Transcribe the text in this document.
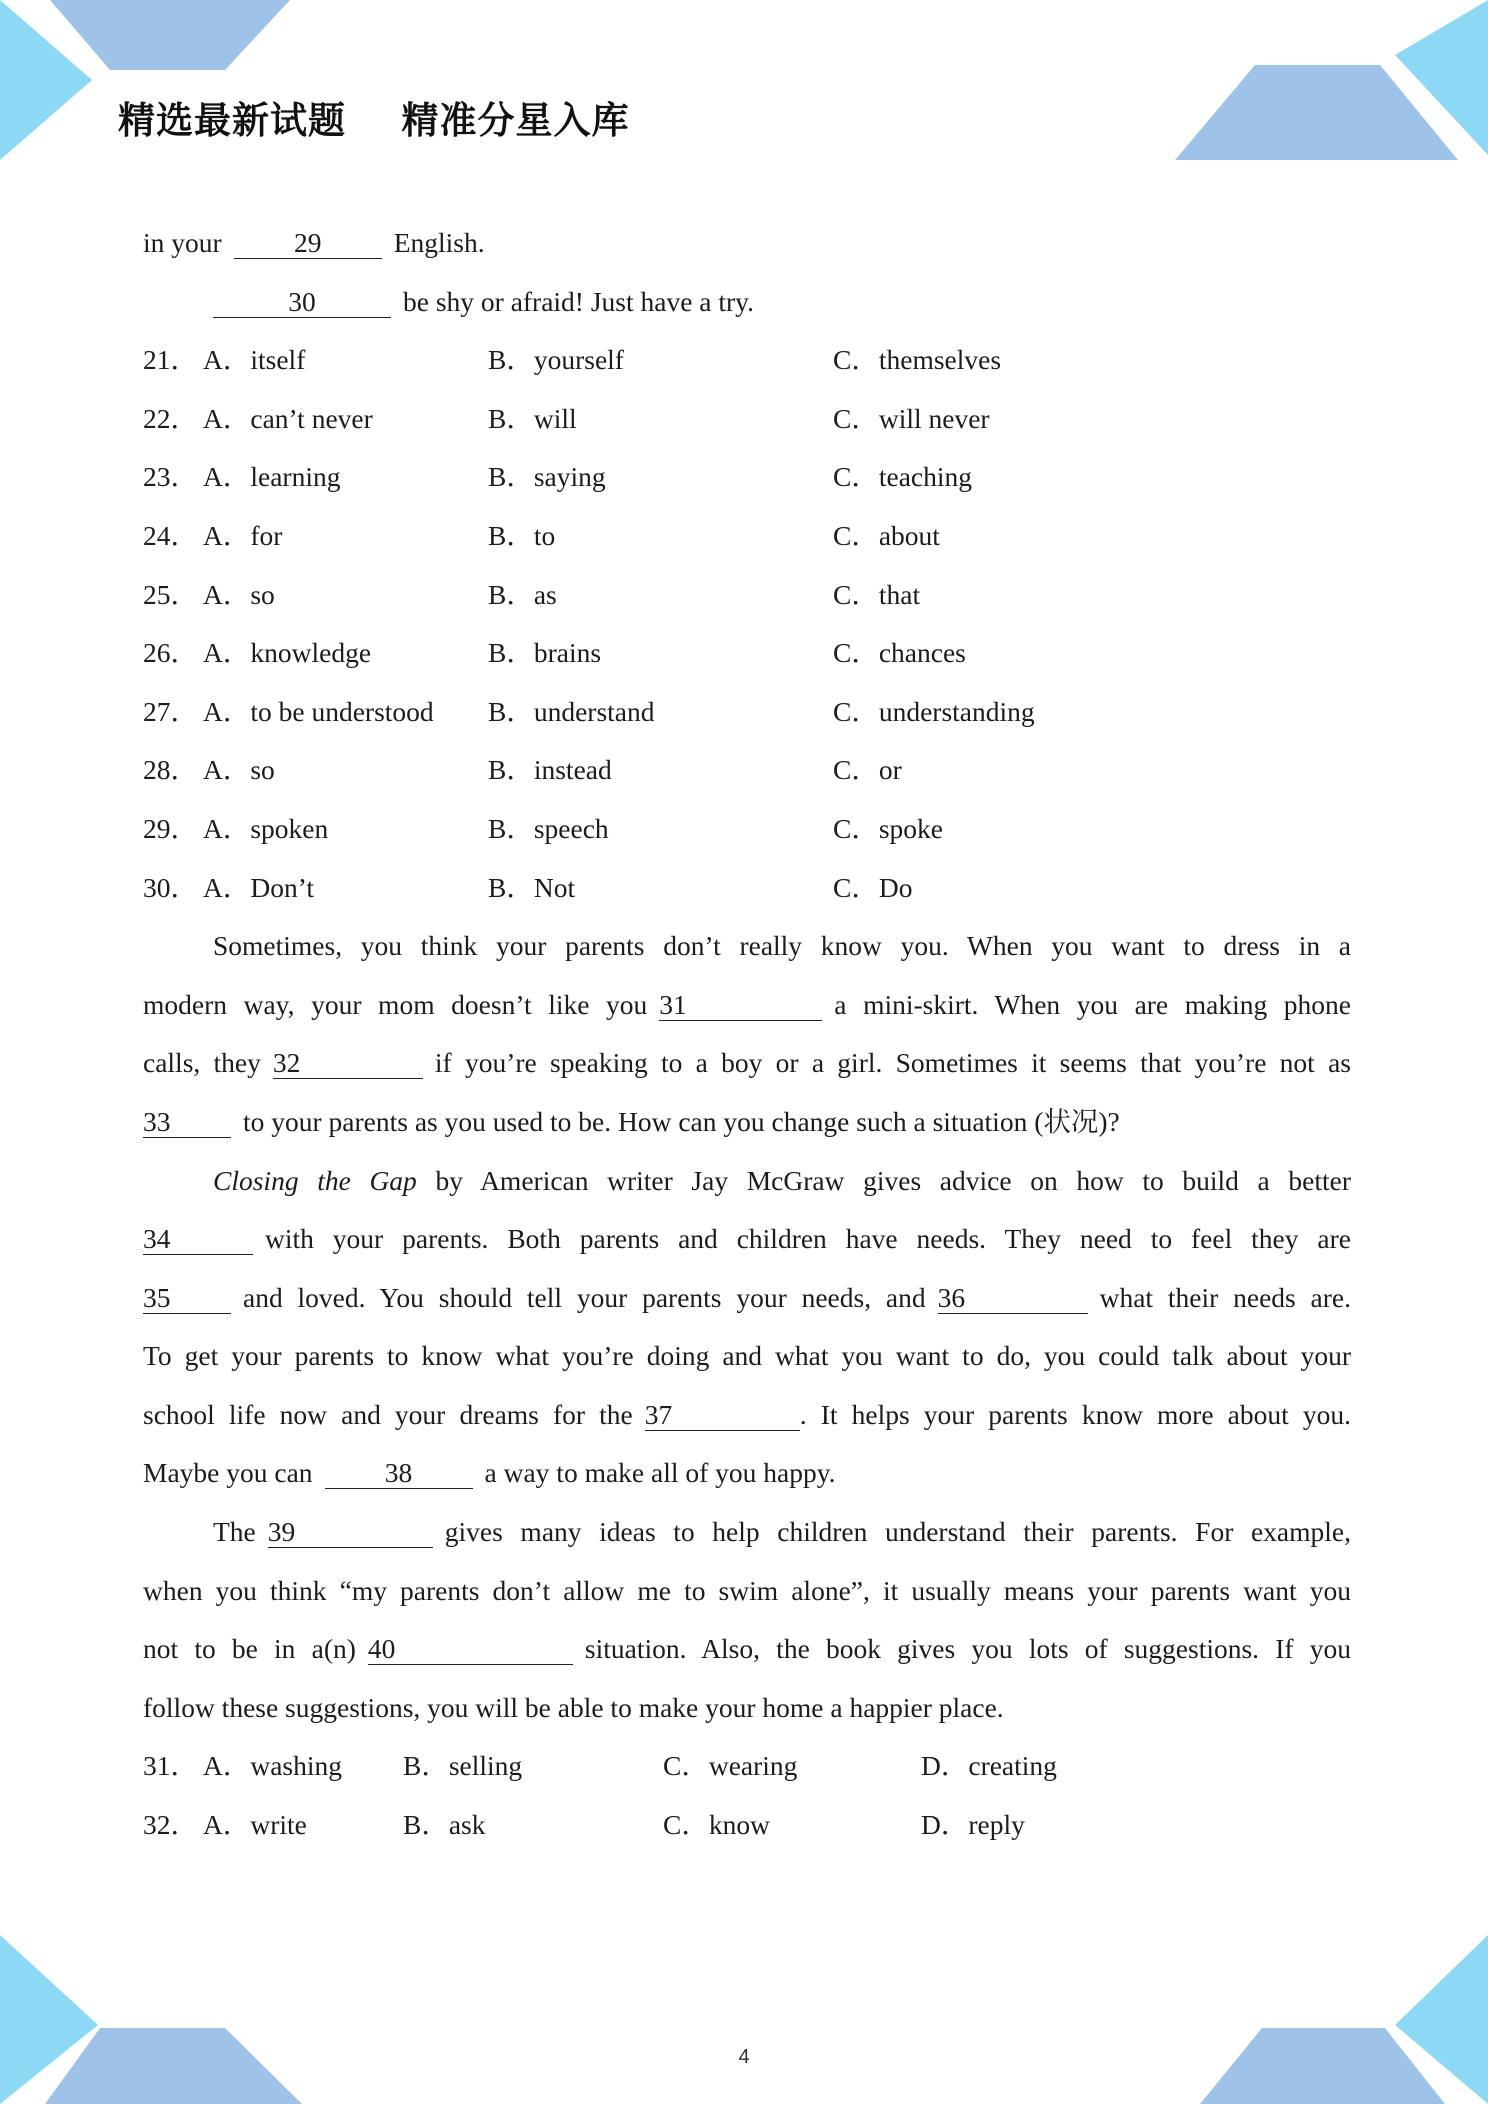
精选最新试题    精准分星入库
in your	29	English.
30	be shy or afraid! Just have a try.
21． A．itself	B．yourself	C．themselves
22． A．can’t never	B．will	C．will never
23． A．learning	B．saying	C．teaching
24． A．for	B．to	C．about
25． A．so	B．as	C．that
26． A．knowledge	B．brains	C．chances
27． A．to be understood B．understand	C．understanding
28． A．so	B．instead	C．or
29． A．spoken	B．speech	C．spoke
30． A．Don’t	B．Not	C．Do
Sometimes, you think your parents don’t really know you. When you want to dress in a
modern way, your mom doesn’t like you 31	a mini-skirt. When you are making phone
calls, they 32	if you’re speaking to a boy or a girl. Sometimes it seems that you’re not as
33	to your parents as you used to be. How can you change such a situation (状况)?
Closing the Gap by American writer Jay McGraw gives advice on how to build a better
34	with your parents. Both parents and children have needs. They need to feel they are
35	and loved. You should tell your parents your needs, and 36	what their needs are.
To get your parents to know what you’re doing and what you want to do, you could talk about your
school life now and your dreams for the 37	. It helps your parents know more about you.
Maybe you can	38	a way to make all of you happy.
The 39	gives many ideas to help children understand their parents. For example,
when you think “my parents don’t allow me to swim alone”, it usually means your parents want you
not to be in a(n) 40	situation. Also, the book gives you lots of suggestions. If you
follow these suggestions, you will be able to make your home a happier place.
31． A．washing B．selling	C．wearing	D．creating
32． A．write	B．ask	C．know	D．reply
4
